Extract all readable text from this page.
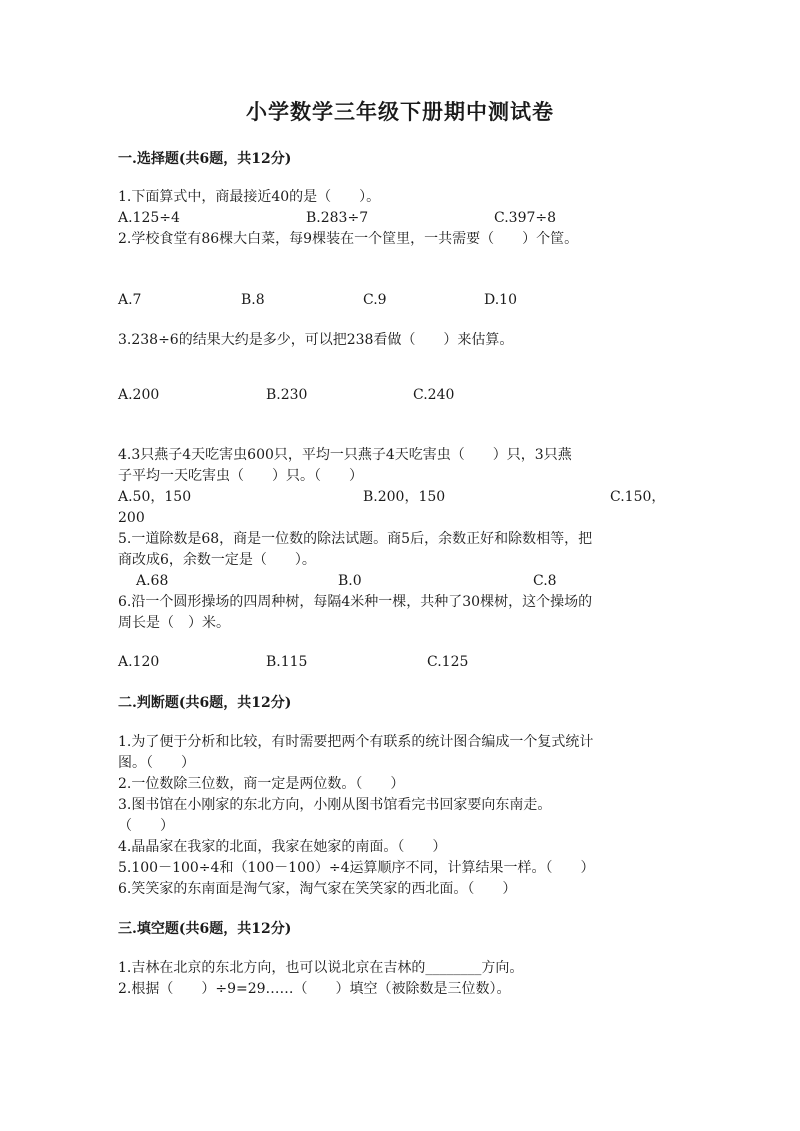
小学数学三年级下册期中测试卷
一.选择题(共6题，共12分)
1.下面算式中，商最接近40的是（　　）。
A.125÷4	B.283÷7	C.397÷8
2.学校食堂有86棵大白菜，每9棵装在一个筐里，一共需要（　　）个筐。
A.7	B.8	C.9	D.10
3.238÷6的结果大约是多少，可以把238看做（　　）来估算。
A.200	B.230	C.240
4.3只燕子4天吃害虫600只，平均一只燕子4天吃害虫（　　）只，3只燕
子平均一天吃害虫（　　）只。（　　）
A.50，150	B.200，150	C.150，
200
5.一道除数是68，商是一位数的除法试题。商5后，余数正好和除数相等，把
商改成6，余数一定是（　　）。
A.68	B.0	C.8
6.沿一个圆形操场的四周种树，每隔4米种一棵，共种了30棵树，这个操场的
周长是（　）米。
A.120	B.115	C.125
二.判断题(共6题，共12分)
1.为了便于分析和比较，有时需要把两个有联系的统计图合编成一个复式统计
图。（　　）
2.一位数除三位数，商一定是两位数。（　　）
3.图书馆在小刚家的东北方向，小刚从图书馆看完书回家要向东南走。
（　　）
4.晶晶家在我家的北面，我家在她家的南面。（　　）
5.100－100÷4和（100－100）÷4运算顺序不同，计算结果一样。（　　）
6.笑笑家的东南面是淘气家，淘气家在笑笑家的西北面。（　　）
三.填空题(共6题，共12分)
1.吉林在北京的东北方向，也可以说北京在吉林的________方向。
2.根据（　　）÷9=29……（　　）填空（被除数是三位数）。
